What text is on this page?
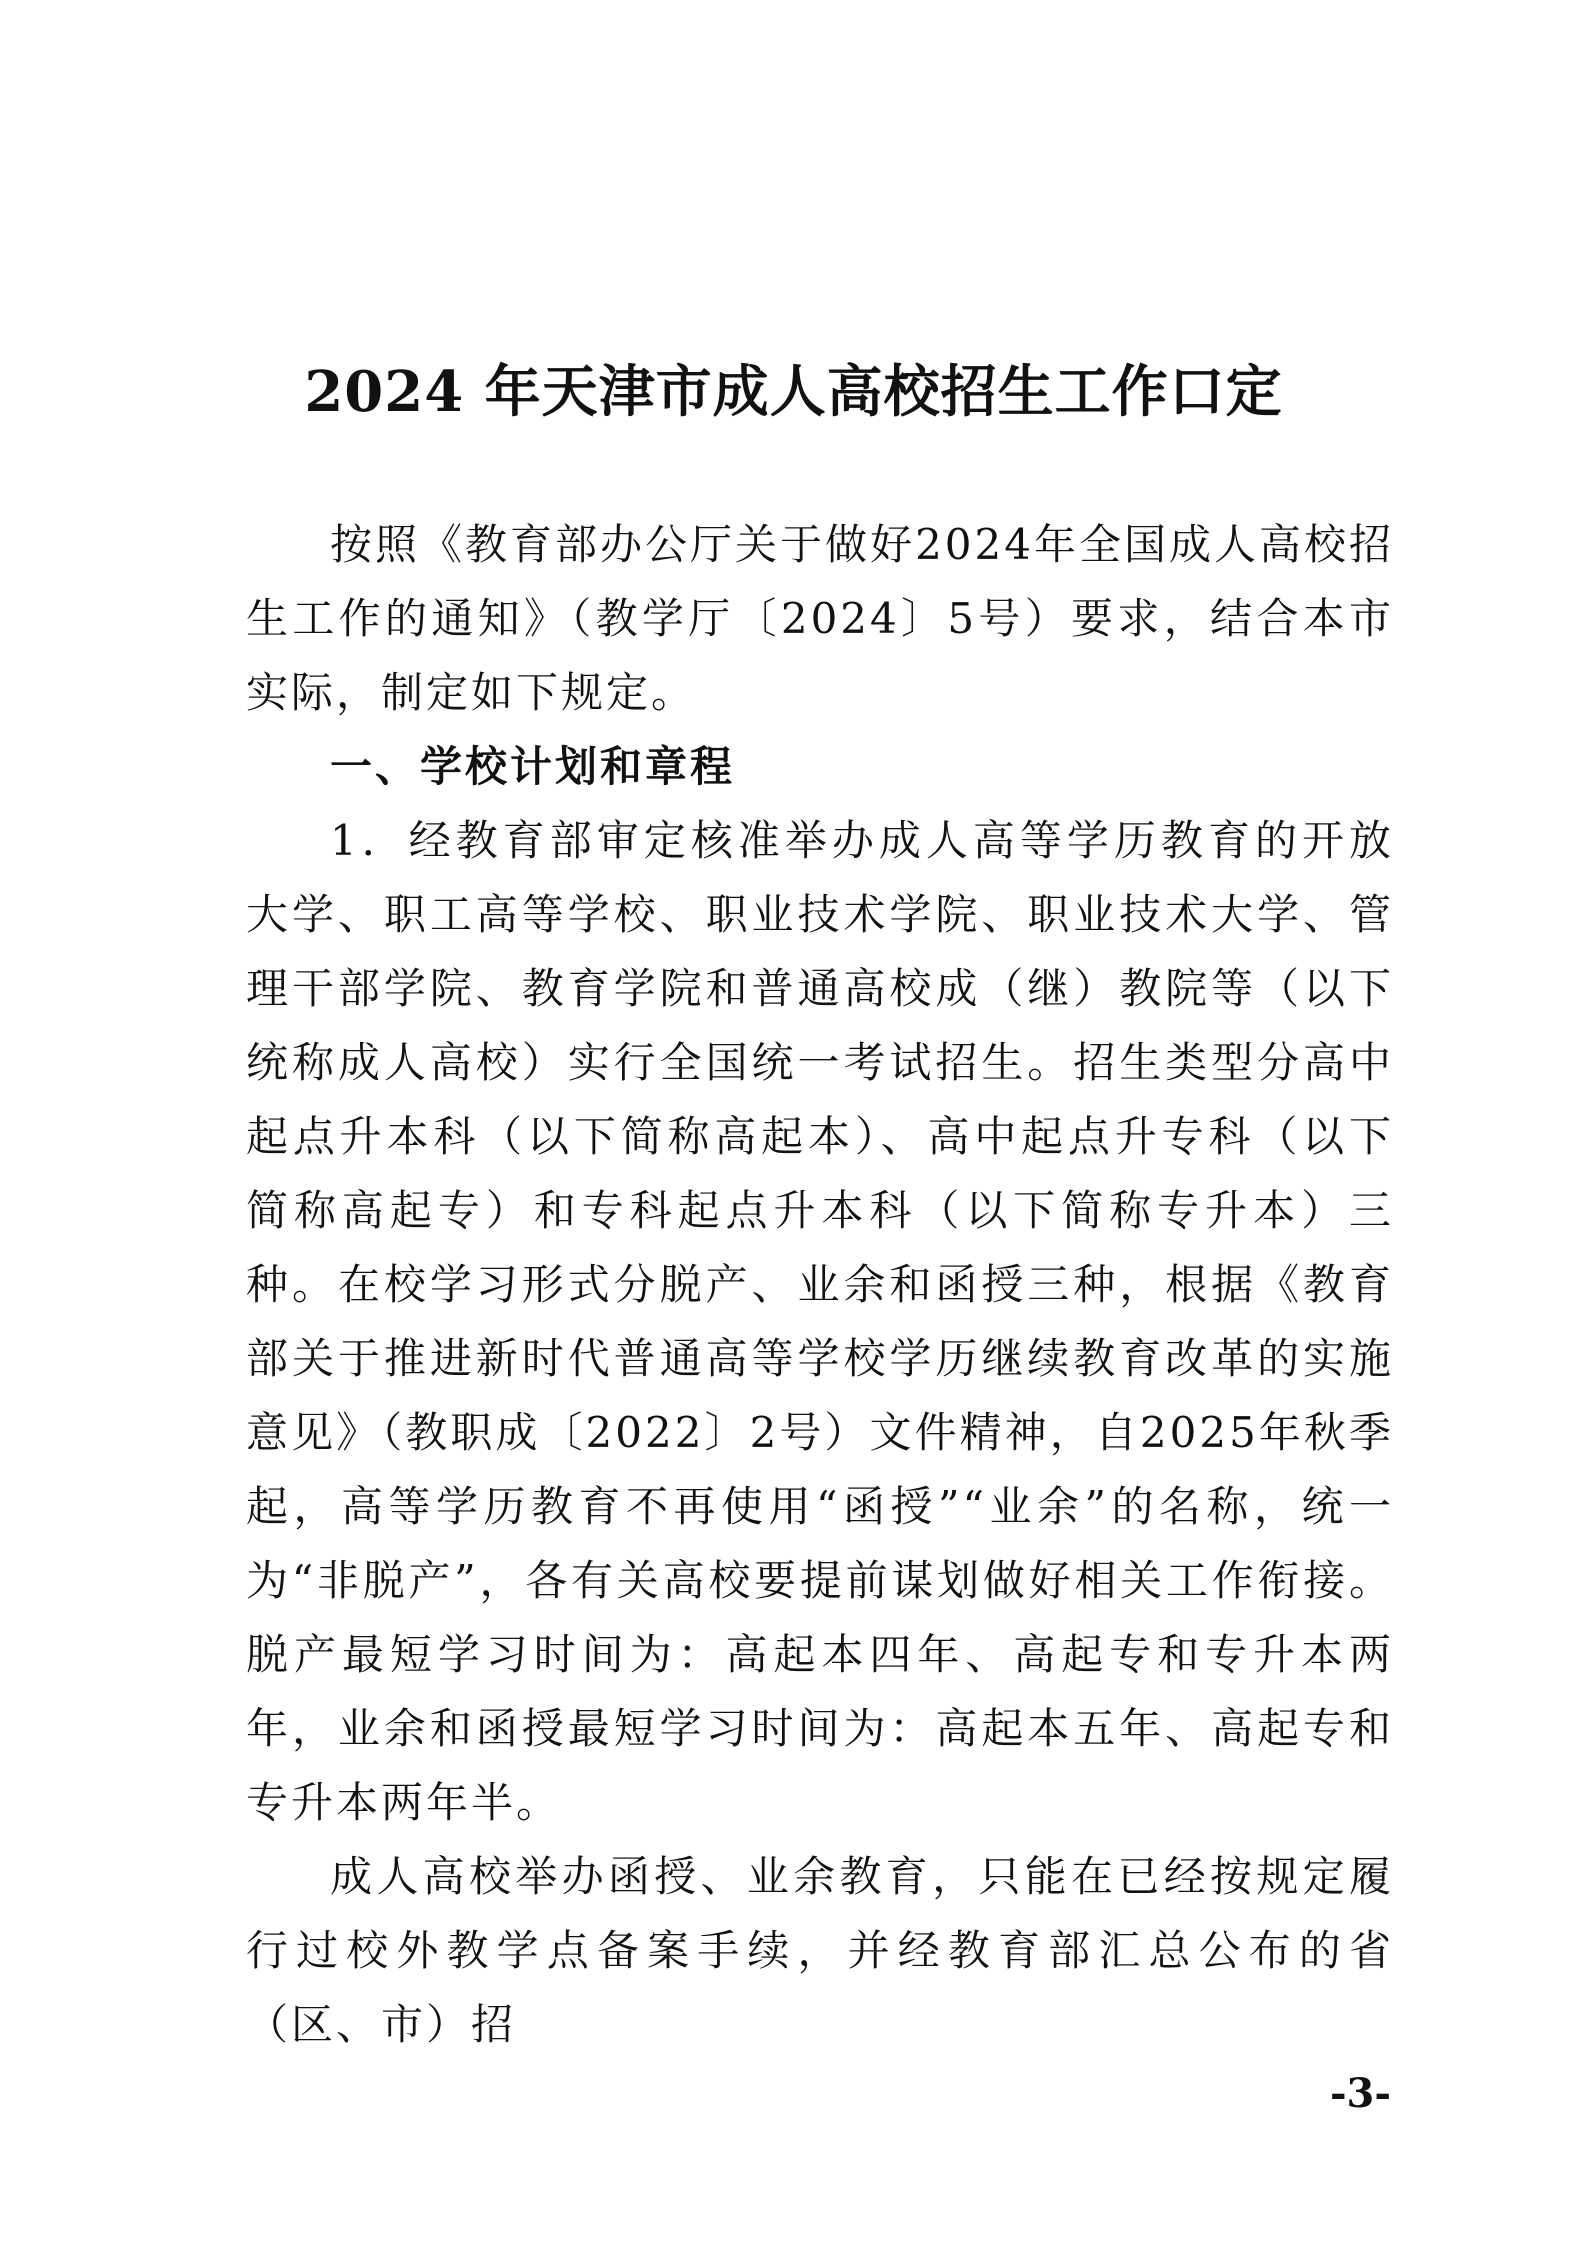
2024 年天津市成人高校招生工作口定

按照《教育部办公厅关于做好2024年全国成人高校招生工作的通知》（教学厅〔2024〕5号）要求，结合本市实际，制定如下规定。

一、学校计划和章程

1．经教育部审定核准举办成人高等学历教育的开放大学、职工高等学校、职业技术学院、职业技术大学、管理干部学院、教育学院和普通高校成（继）教院等（以下统称成人高校）实行全国统一考试招生。招生类型分高中起点升本科（以下简称高起本）、高中起点升专科（以下简称高起专）和专科起点升本科（以下简称专升本）三种。在校学习形式分脱产、业余和函授三种，根据《教育部关于推进新时代普通高等学校学历继续教育改革的实施意见》（教职成〔2022〕2号）文件精神，自2025年秋季起，高等学历教育不再使用“函授”“业余”的名称，统一为“非脱产”，各有关高校要提前谋划做好相关工作衔接。脱产最短学习时间为：高起本四年、高起专和专升本两年，业余和函授最短学习时间为：高起本五年、高起专和专升本两年半。

成人高校举办函授、业余教育，只能在已经按规定履行过校外教学点备案手续，并经教育部汇总公布的省（区、市）招

-3-
